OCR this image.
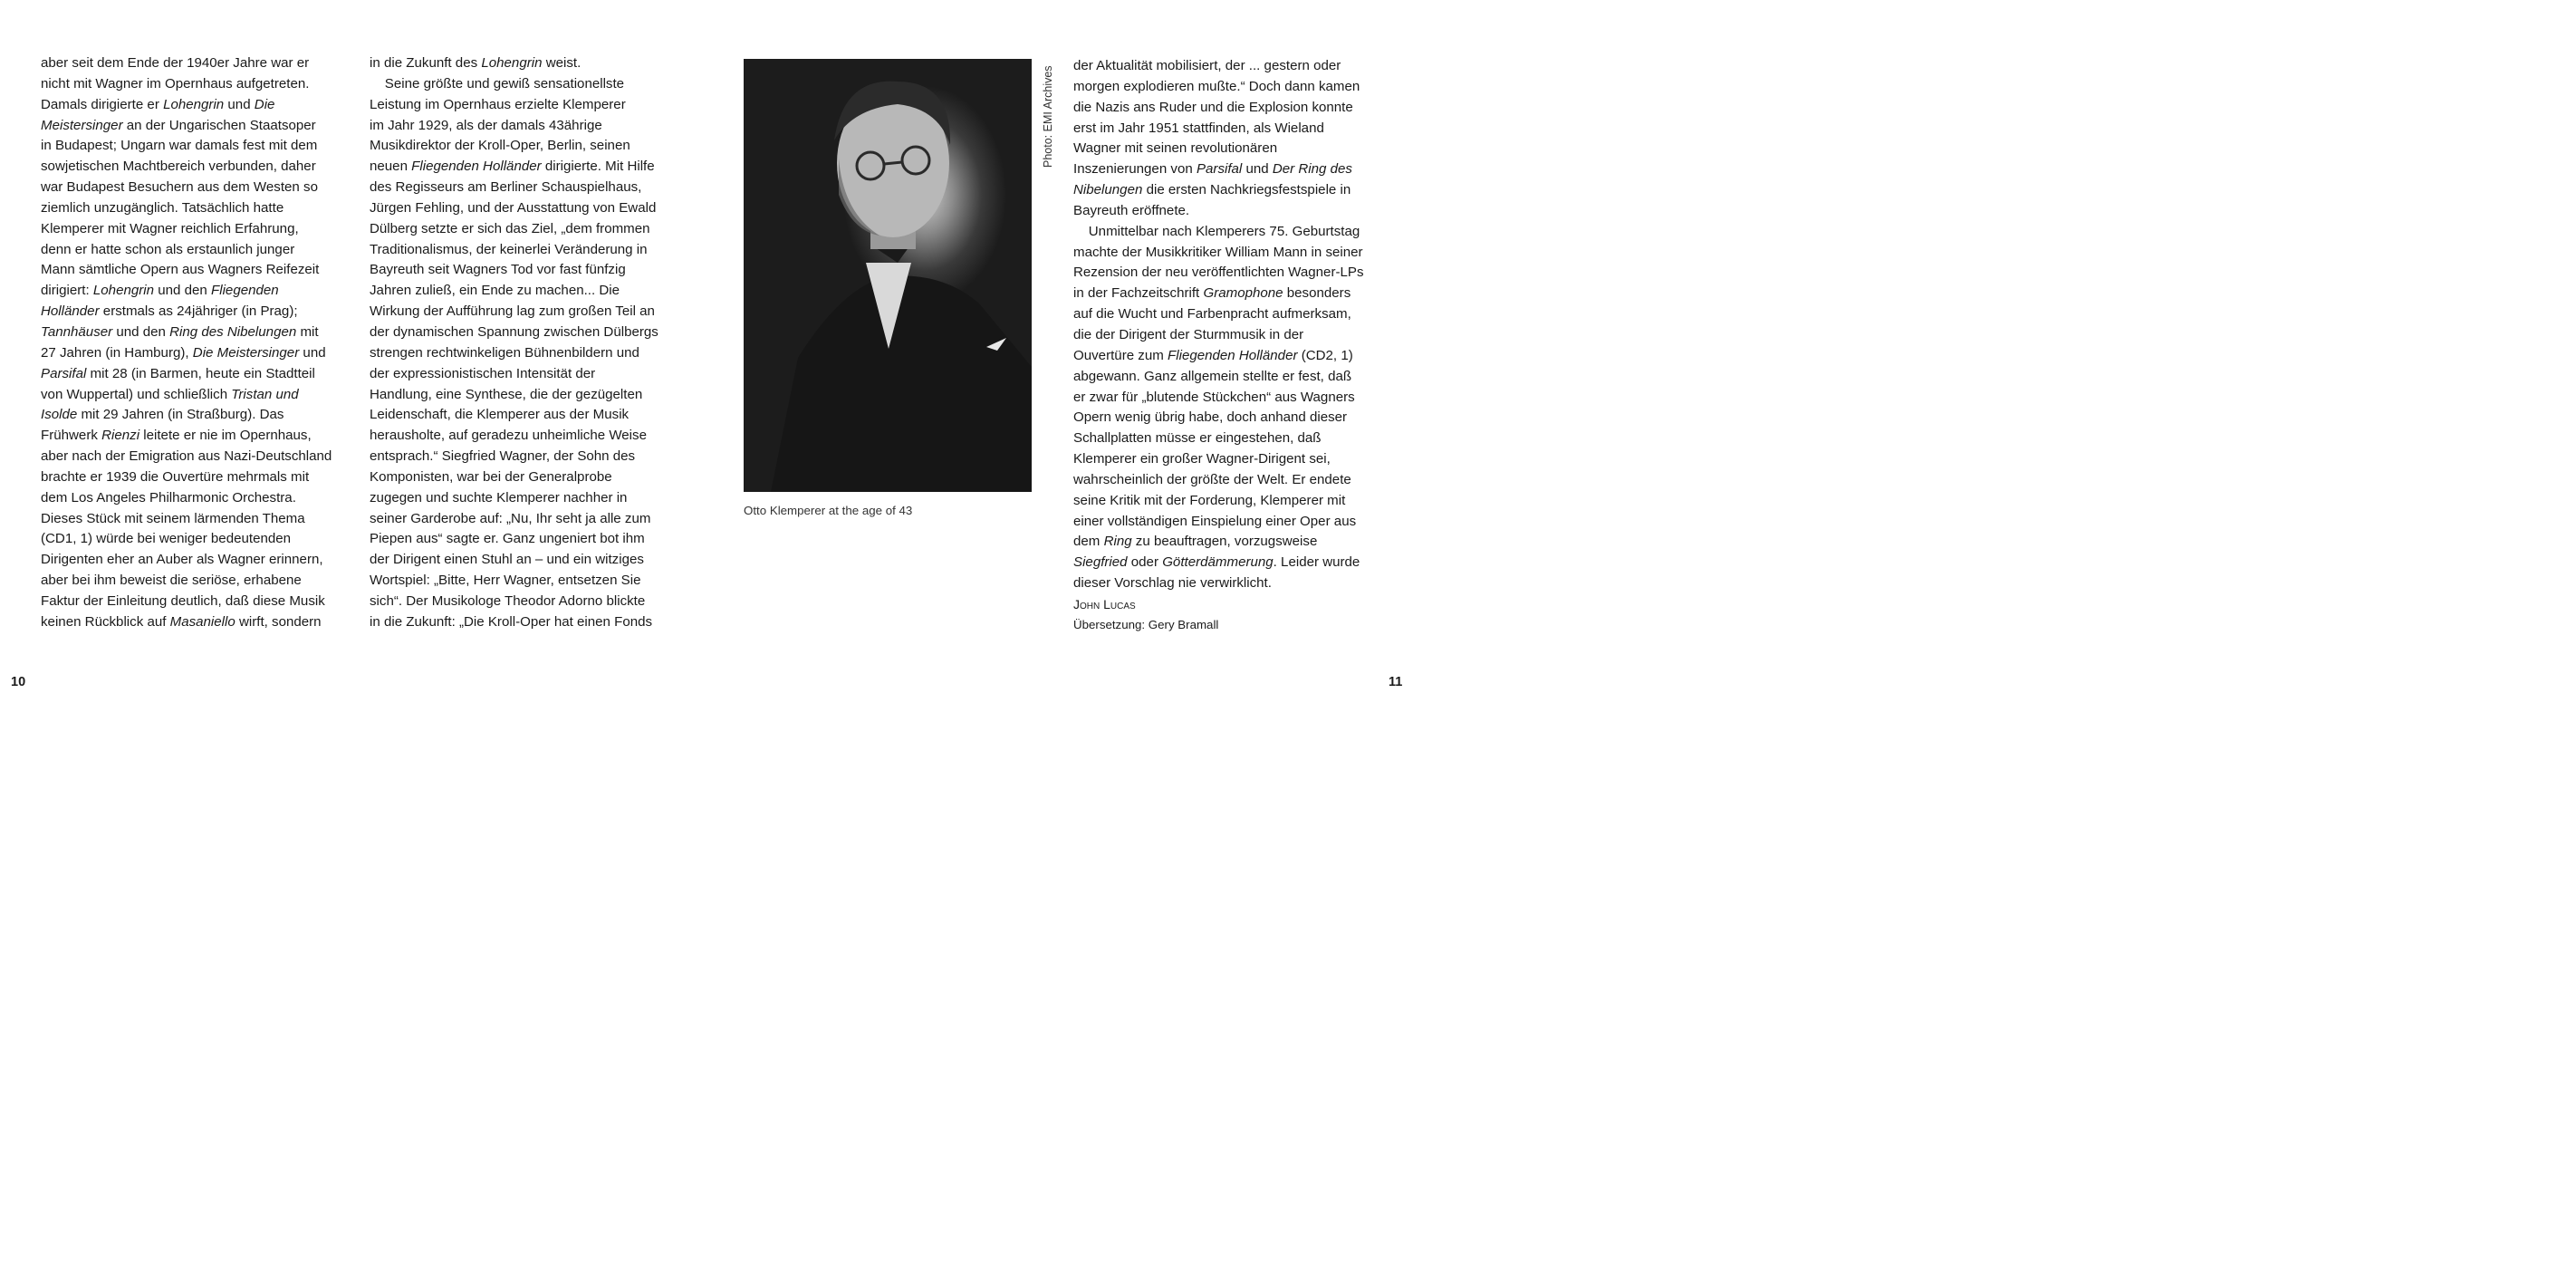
aber seit dem Ende der 1940er Jahre war er

nicht mit Wagner im Opernhaus aufgetreten.

Damals dirigierte er Lohengrin und Die

Meistersinger an der Ungarischen Staatsoper

in Budapest; Ungarn war damals fest mit dem

sowjetischen Machtbereich verbunden, daher

war Budapest Besuchern aus dem Westen so

ziemlich unzugänglich. Tatsächlich hatte

Klemperer mit Wagner reichlich Erfahrung,

denn er hatte schon als erstaunlich junger

Mann sämtliche Opern aus Wagners Reifezeit

dirigiert: Lohengrin und den Fliegenden

Holländer erstmals as 24jähriger (in Prag);

Tannhäuser und den Ring des Nibelungen mit

27 Jahren (in Hamburg), Die Meistersinger und

Parsifal mit 28 (in Barmen, heute ein Stadtteil

von Wuppertal) und schließlich Tristan und

Isolde mit 29 Jahren (in Straßburg). Das

Frühwerk Rienzi leitete er nie im Opernhaus,

aber nach der Emigration aus Nazi-Deutschland

brachte er 1939 die Ouvertüre mehrmals mit

dem Los Angeles Philharmonic Orchestra.

Dieses Stück mit seinem lärmenden Thema

(CD1, 1) würde bei weniger bedeutenden

Dirigenten eher an Auber als Wagner erinnern,

aber bei ihm beweist die seriöse, erhabene

Faktur der Einleitung deutlich, daß diese Musik

keinen Rückblick auf Masaniello wirft, sondern

in die Zukunft des Lohengrin weist.

Seine größte und gewiß sensationellste

Leistung im Opernhaus erzielte Klemperer

im Jahr 1929, als der damals 43ährige

Musikdirektor der Kroll-Oper, Berlin, seinen

neuen Fliegenden Holländer dirigierte. Mit Hilfe

des Regisseurs am Berliner Schauspielhaus,

Jürgen Fehling, und der Ausstattung von Ewald

Dülberg setzte er sich das Ziel, „dem frommen

Traditionalismus, der keinerlei Veränderung in

Bayreuth seit Wagners Tod vor fast fünfzig

Jahren zuließ, ein Ende zu machen... Die

Wirkung der Aufführung lag zum großen Teil an

der dynamischen Spannung zwischen Dülbergs

strengen rechtwinkeligen Bühnenbildern und

der expressionistischen Intensität der

Handlung, eine Synthese, die der gezügelten

Leidenschaft, die Klemperer aus der Musik

herausholte, auf geradezu unheimliche Weise

entsprach.“ Siegfried Wagner, der Sohn des

Komponisten, war bei der Generalprobe

zugegen und suchte Klemperer nachher in

seiner Garderobe auf: „Nu, Ihr seht ja alle zum

Piepen aus“ sagte er. Ganz ungeniert bot ihm

der Dirigent einen Stuhl an – und ein witziges

Wortspiel: „Bitte, Herr Wagner, entsetzen Sie

sich“. Der Musikologe Theodor Adorno blickte

in die Zukunft: „Die Kroll-Oper hat einen Fonds

Photo: EMI Archives
Otto Klemperer at the age of 43

der Aktualität mobilisiert, der ... gestern oder

morgen explodieren mußte.“ Doch dann kamen

die Nazis ans Ruder und die Explosion konnte

erst im Jahr 1951 stattfinden, als Wieland

Wagner mit seinen revolutionären

Inszenierungen von Parsifal und Der Ring des

Nibelungen die ersten Nachkriegsfestspiele in

Bayreuth eröffnete.

Unmittelbar nach Klemperers 75. Geburtstag

machte der Musikkritiker William Mann in seiner

Rezension der neu veröffentlichten Wagner-LPs

in der Fachzeitschrift Gramophone besonders

auf die Wucht und Farbenpracht aufmerksam,

die der Dirigent der Sturmmusik in der

Ouvertüre zum Fliegenden Holländer (CD2, 1)

abgewann. Ganz allgemein stellte er fest, daß

er zwar für „blutende Stückchen“ aus Wagners

Opern wenig übrig habe, doch anhand dieser

Schallplatten müsse er eingestehen, daß

Klemperer ein großer Wagner-Dirigent sei,

wahrscheinlich der größte der Welt. Er endete

seine Kritik mit der Forderung, Klemperer mit

einer vollständigen Einspielung einer Oper aus

dem Ring zu beauftragen, vorzugsweise

Siegfried oder Götterdämmerung. Leider wurde

dieser Vorschlag nie verwirklicht.

John Lucas

Übersetzung: Gery Bramall

10	11
